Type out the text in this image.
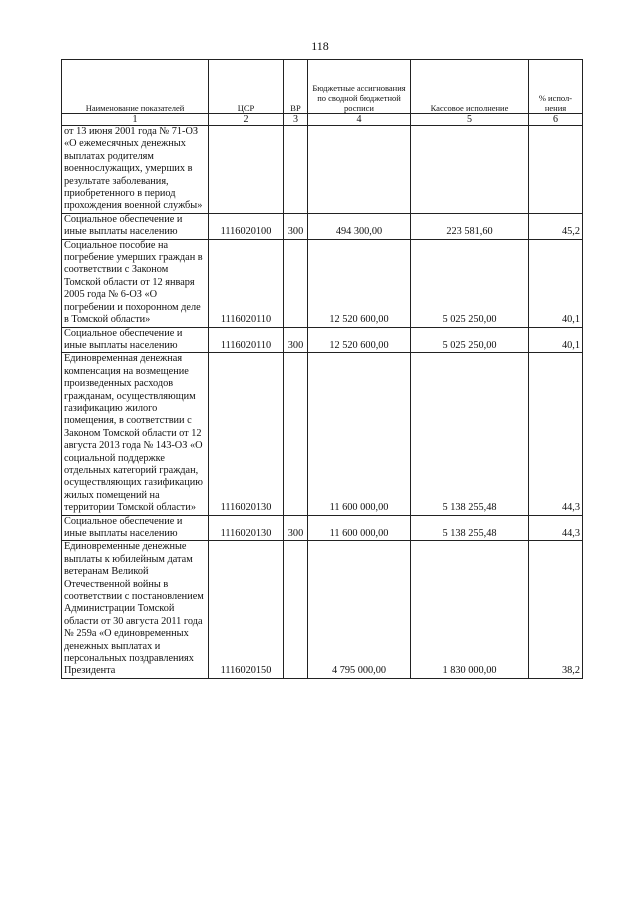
118
Наименование показателей	ЦСР	ВР	Бюджетные ассигнования по сводной бюджетной росписи	Кассовое исполнение	% испол-нения
1	2	3	4	5	6
от 13 июня 2001 года № 71-ОЗ «О ежемесячных денежных выплатах родителям военнослужащих, умерших в результате заболевания, приобретенного в период прохождения военной службы»					
Социальное обеспечение и иные выплаты населению	1116020100	300	494 300,00	223 581,60	45,2
Социальное пособие на погребение умерших граждан в соответствии с Законом Томской области от 12 января 2005 года № 6-ОЗ «О погребении и похоронном деле в Томской области»	1116020110		12 520 600,00	5 025 250,00	40,1
Социальное обеспечение и иные выплаты населению	1116020110	300	12 520 600,00	5 025 250,00	40,1
Единовременная денежная компенсация на возмещение произведенных расходов гражданам, осуществляющим газификацию жилого помещения, в соответствии с Законом Томской области от 12 августа 2013 года № 143-ОЗ «О социальной поддержке отдельных категорий граждан, осуществляющих газификацию жилых помещений на территории Томской области»	1116020130		11 600 000,00	5 138 255,48	44,3
Социальное обеспечение и иные выплаты населению	1116020130	300	11 600 000,00	5 138 255,48	44,3
Единовременные денежные выплаты к юбилейным датам ветеранам Великой Отечественной войны в соответствии с постановлением Администрации Томской области от 30 августа 2011 года № 259а «О единовременных денежных выплатах и персональных поздравлениях Президента	1116020150		4 795 000,00	1 830 000,00	38,2
